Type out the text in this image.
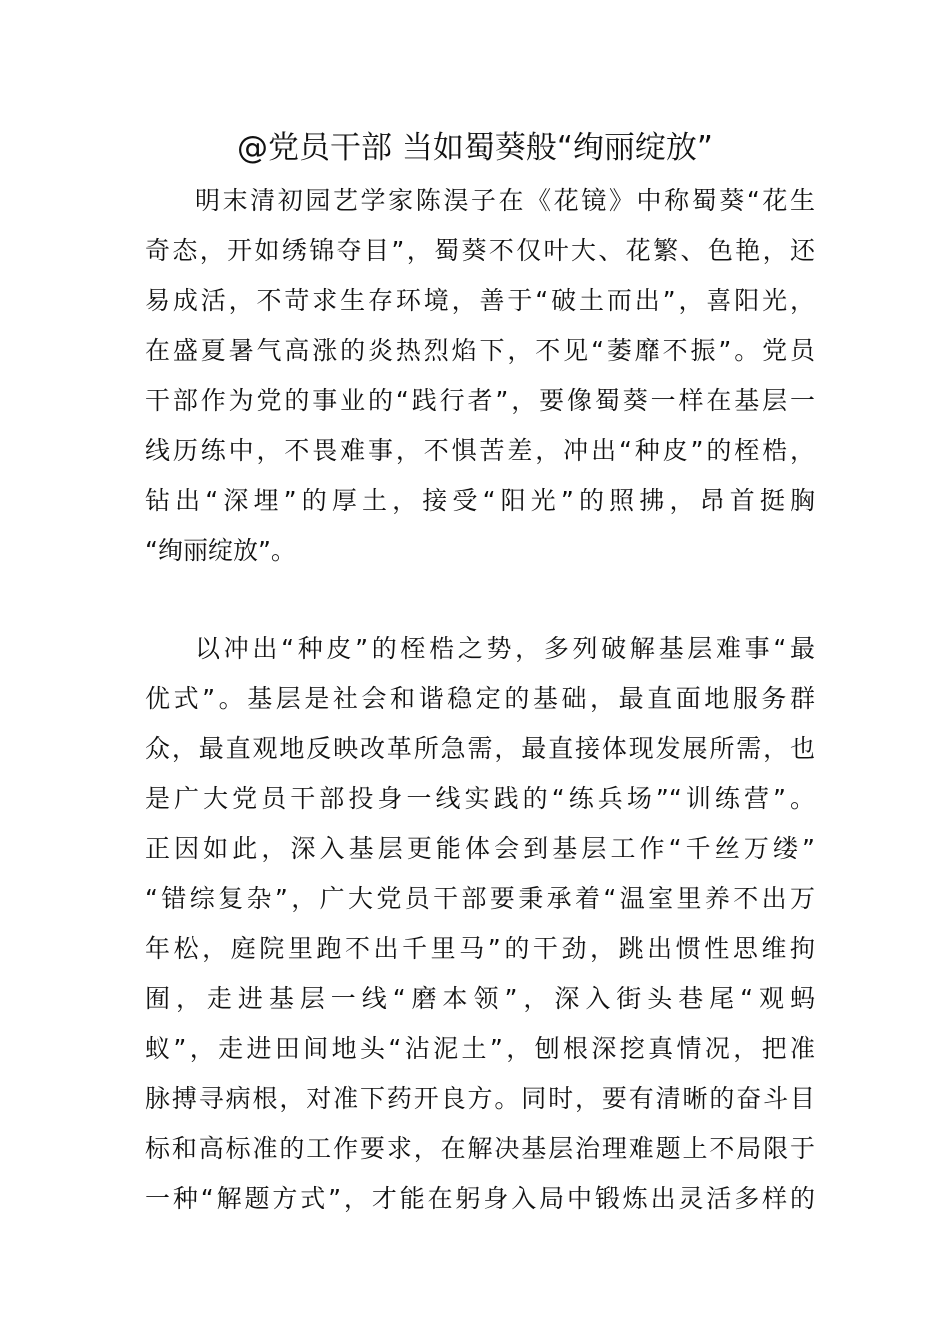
@党员干部 当如蜀葵般“绚丽绽放”
明末清初园艺学家陈淏子在《花镜》中称蜀葵“花生
奇态，开如绣锦夺目”，蜀葵不仅叶大、花繁、色艳，还
易成活，不苛求生存环境，善于“破土而出”，喜阳光，
在盛夏暑气高涨的炎热烈焰下，不见“萎靡不振”。党员
干部作为党的事业的“践行者”，要像蜀葵一样在基层一
线历练中，不畏难事，不惧苦差，冲出“种皮”的桎梏，
钻出“深埋”的厚土，接受“阳光”的照拂，昂首挺胸
“绚丽绽放”。
以冲出“种皮”的桎梏之势，多列破解基层难事“最
优式”。基层是社会和谐稳定的基础，最直面地服务群
众，最直观地反映改革所急需，最直接体现发展所需，也
是广大党员干部投身一线实践的“练兵场”“训练营”。
正因如此，深入基层更能体会到基层工作“千丝万缕”
“错综复杂”，广大党员干部要秉承着“温室里养不出万
年松，庭院里跑不出千里马”的干劲，跳出惯性思维拘
囿，走进基层一线“磨本领”，深入街头巷尾“观蚂
蚁”，走进田间地头“沾泥土”，刨根深挖真情况，把准
脉搏寻病根，对准下药开良方。同时，要有清晰的奋斗目
标和高标准的工作要求，在解决基层治理难题上不局限于
一种“解题方式”，才能在躬身入局中锻炼出灵活多样的
